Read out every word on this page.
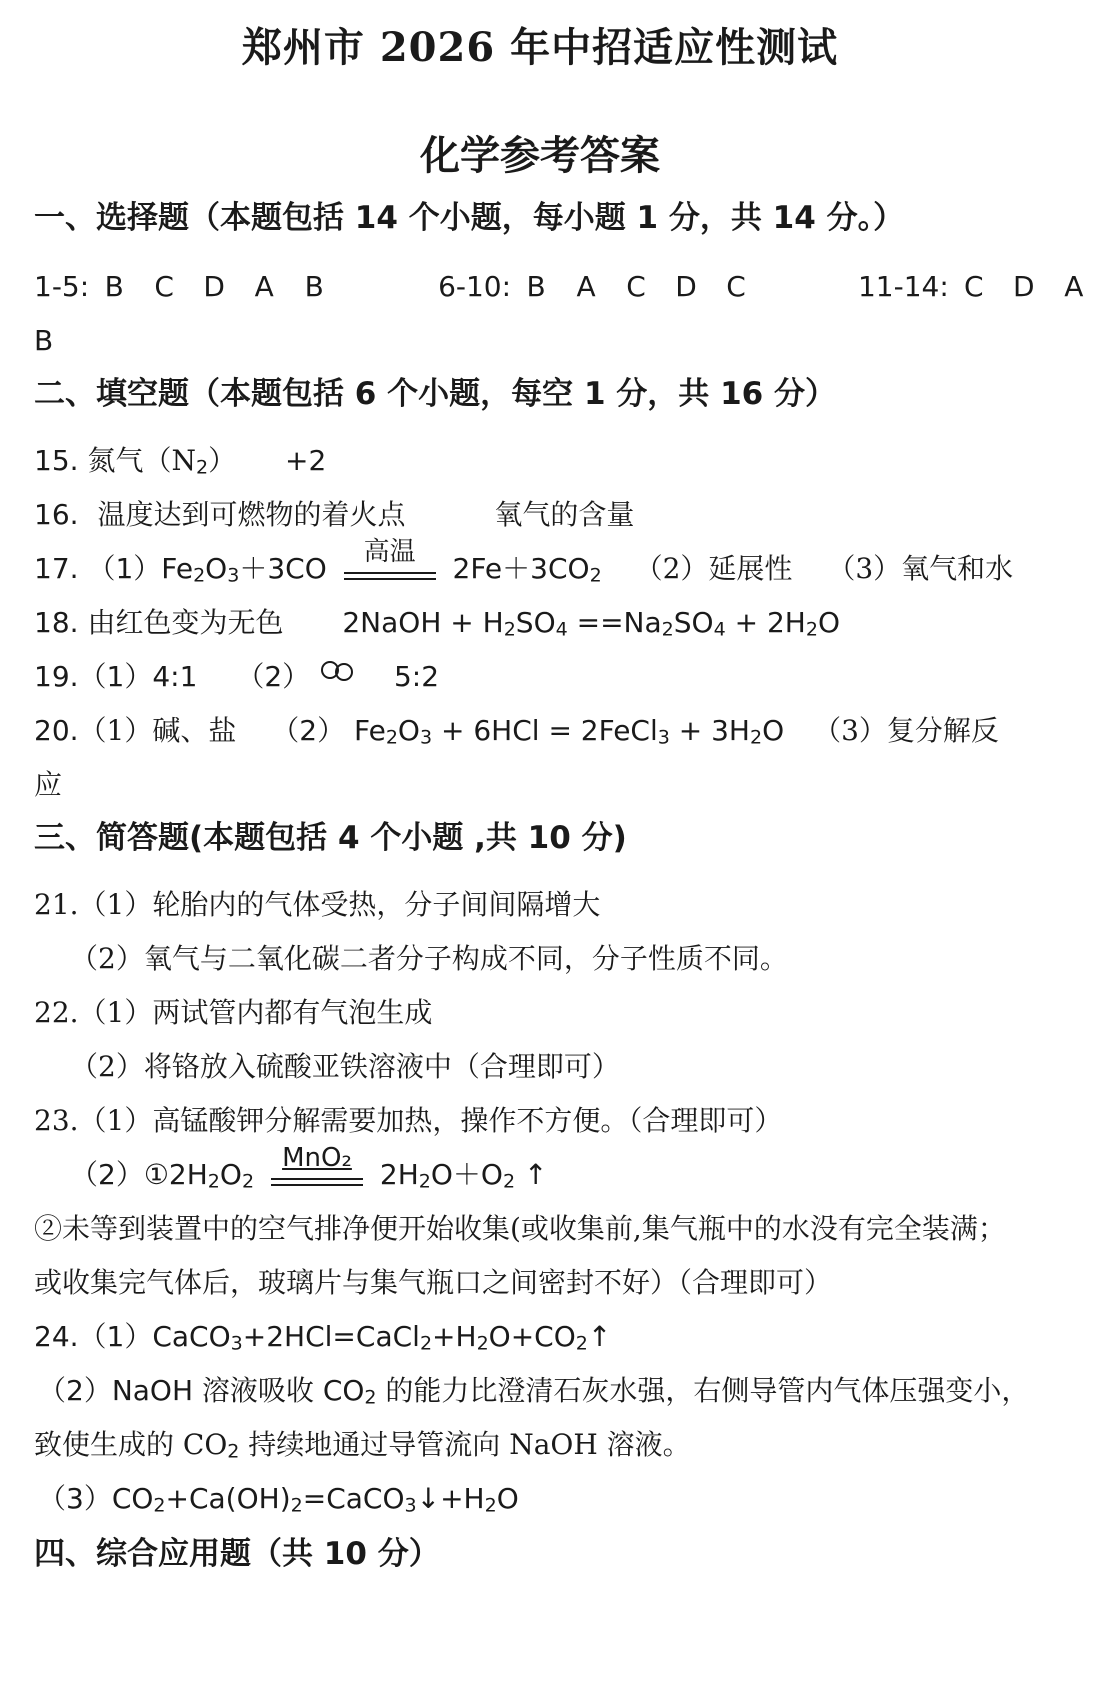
郑州市 2026 年中招适应性测试
化学参考答案
一、选择题（本题包括 14 个小题，每小题 1 分，共 14 分。）
1-5: B C D A B	6-10: B A C D C	11-14: C D A
B
二、填空题（本题包括 6 个小题，每空 1 分，共 16 分）
15. 氮气$(N_2) +2$
16. 温度达到可燃物的着火点	氧气的含量
17. $(1)Fe_2O_3+3CO$	高温	$2Fe+3CO_2$ （2）延展性 （3）氧气和水
18. 由红色变为无色 2NaOH + $H_2SO_4 ==Na_2SO_4 + 2H_2O$
19.（1）4:1 （2）	5:2
20.（1）碱、盐 （2） $Fe_2O_3 + 6HCl$ = 2FeCl$_3$ + $3H_2O$ （3）复分解反
应
三、简答题(本题包括 4 个小题 ,共 10 分)
21.（1）轮胎内的气体受热，分子间间隔增大
（2）氧气与二氧化碳二者分子构成不同，分子性质不同。
22.（1）两试管内都有气泡生成
（2）将铬放入硫酸亚铁溶液中（合理即可）
23.（1）高锰酸钾分解需要加热，操作不方便。（合理即可）
$(2)①2H_2O_2$
MnO₂	$2H_2O+O_2$ ↑
②未等到装置中的空气排净便开始收集(或收集前,集气瓶中的水没有完全装满；
或收集完气体后，玻璃片与集气瓶口之间密封不好）（合理即可）
$24.(1)CaCO_3+2HCl=CaCl_2+H_2O+CO_2↑$
（2）NaOH 溶液吸收 $CO_2$ 的能力比澄清石灰水强，右侧导管内气体压强变小，
致使生成的 $CO_2$ 持续地通过导管流向 NaOH 溶液。
$(3)CO_2+Ca(OH)_2=CaCO_3↓+H_2O$
四、综合应用题（共 10 分）
